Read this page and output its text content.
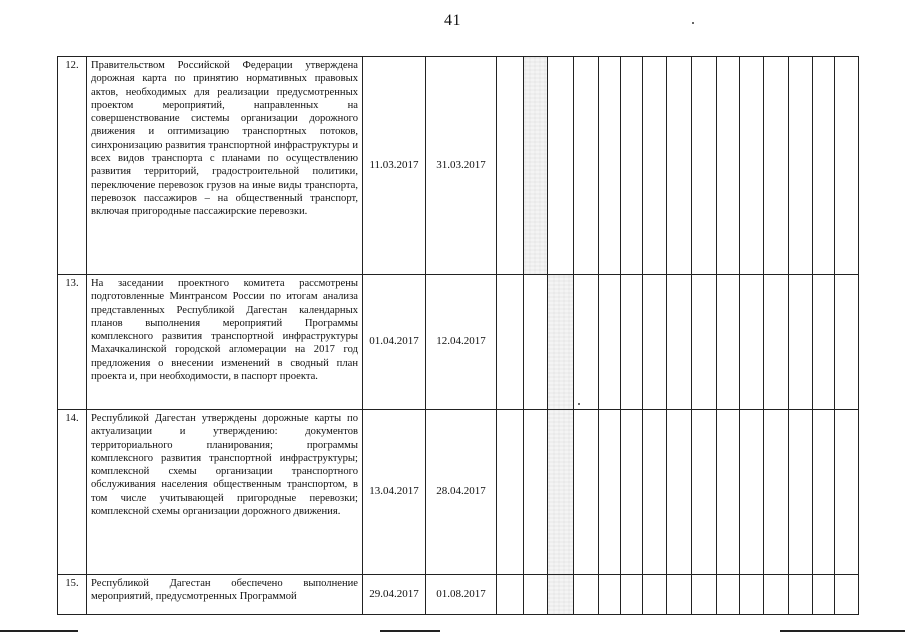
41
12.	Правительством Российской Федерации утверждена дорожная карта по принятию нормативных правовых актов, необходимых для реализации предусмотренных проектом мероприятий, направленных на совершенствование системы организации дорожного движения и оптимизацию транспортных потоков, синхронизацию развития транспортной инфраструктуры и всех видов транспорта с планами по осуществлению развития территорий, градостроительной политики, переключение перевозок грузов на иные виды транспорта, перевозок пассажиров – на общественный транспорт, включая пригородные пассажирские перевозки.	11.03.2017	31.03.2017															
13.	На заседании проектного комитета рассмотрены подготовленные Минтрансом России по итогам анализа представленных Республикой Дагестан календарных планов выполнения мероприятий Программы комплексного развития транспортной инфраструктуры Махачкалинской городской агломерации на 2017 год предложения о внесении изменений в сводный план проекта и, при необходимости, в паспорт проекта.	01.04.2017	12.04.2017															
14.	Республикой Дагестан утверждены дорожные карты по актуализации и утверждению: документов территориального планирования; программы комплексного развития транспортной инфраструктуры; комплексной схемы организации транспортного обслуживания населения общественным транспортом, в том числе учитывающей пригородные перевозки; комплексной схемы организации дорожного движения.	13.04.2017	28.04.2017															
15.	Республикой Дагестан обеспечено выполнение мероприятий, предусмотренных Программой	29.04.2017	01.08.2017															
